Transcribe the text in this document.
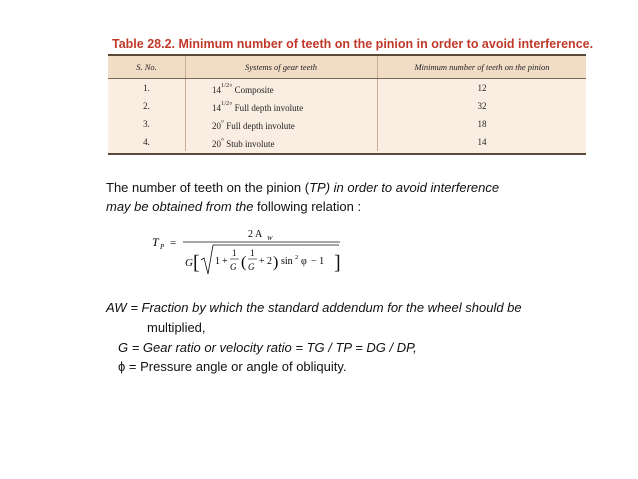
Table 28.2. Minimum number of teeth on the pinion in order to avoid interference.
S. No.	Systems of gear teeth	Minimum number of teeth on the pinion
1.	$14^{1/2^\circ}$ Composite	12
2.	$14^{1/2^\circ}$ Full depth involute	32
3.	20° Full depth involute	18
4.	20° Stub involute	14
The number of teeth on the pinion (TP) in order to avoid interference
may be obtained from the following relation :
T P =
2 A W
G [ 1 +
1
G (
1
G + 2 ) sin 2 φ − 1 ]
AW = Fraction by which the standard addendum for the wheel should be
multiplied,
G = Gear ratio or velocity ratio = TG / TP = DG / DP,
ϕ = Pressure angle or angle of obliquity.
